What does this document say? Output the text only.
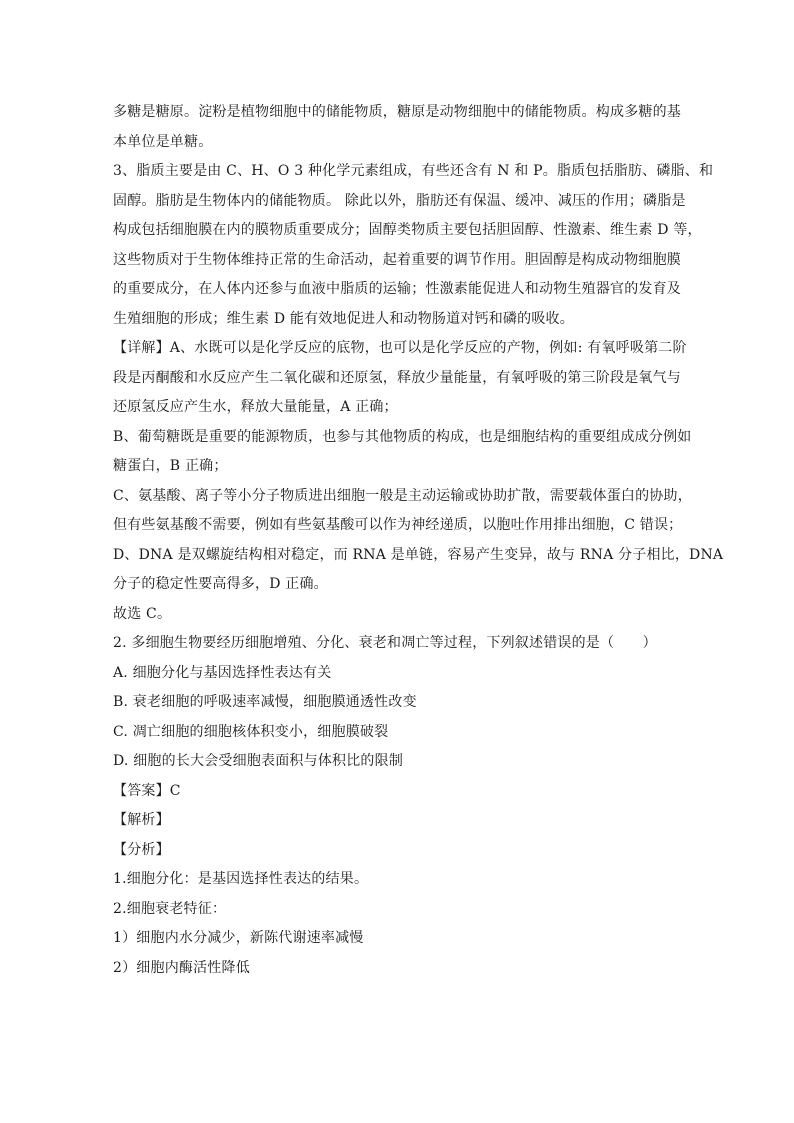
多糖是糖原。淀粉是植物细胞中的储能物质，糖原是动物细胞中的储能物质。构成多糖的基
本单位是单糖。
3、脂质主要是由 C、H、O 3 种化学元素组成，有些还含有 N 和 P。脂质包括脂肪、磷脂、和
固醇。脂肪是生物体内的储能物质。 除此以外，脂肪还有保温、缓冲、减压的作用；磷脂是
构成包括细胞膜在内的膜物质重要成分；固醇类物质主要包括胆固醇、性激素、维生素 D 等，
这些物质对于生物体维持正常的生命活动，起着重要的调节作用。胆固醇是构成动物细胞膜
的重要成分，在人体内还参与血液中脂质的运输；性激素能促进人和动物生殖器官的发育及
生殖细胞的形成；维生素 D 能有效地促进人和动物肠道对钙和磷的吸收。
【详解】A、水既可以是化学反应的底物，也可以是化学反应的产物，例如: 有氧呼吸第二阶
段是丙酮酸和水反应产生二氧化碳和还原氢，释放少量能量，有氧呼吸的第三阶段是氧气与
还原氢反应产生水，释放大量能量，A 正确；
B、葡萄糖既是重要的能源物质，也参与其他物质的构成，也是细胞结构的重要组成成分例如
糖蛋白，B 正确；
C、氨基酸、离子等小分子物质进出细胞一般是主动运输或协助扩散，需要载体蛋白的协助，
但有些氨基酸不需要，例如有些氨基酸可以作为神经递质，以胞吐作用排出细胞，C 错误；
D、DNA 是双螺旋结构相对稳定，而 RNA 是单链，容易产生变异，故与 RNA 分子相比，DNA
分子的稳定性要高得多，D 正确。
故选 C。
2. 多细胞生物要经历细胞增殖、分化、衰老和凋亡等过程，下列叙述错误的是（　　）
A. 细胞分化与基因选择性表达有关
B. 衰老细胞的呼吸速率减慢，细胞膜通透性改变
C. 凋亡细胞的细胞核体积变小，细胞膜破裂
D. 细胞的长大会受细胞表面积与体积比的限制
【答案】C
【解析】
【分析】
1.细胞分化：是基因选择性表达的结果。
2.细胞衰老特征：
1）细胞内水分减少，新陈代谢速率减慢
2）细胞内酶活性降低
